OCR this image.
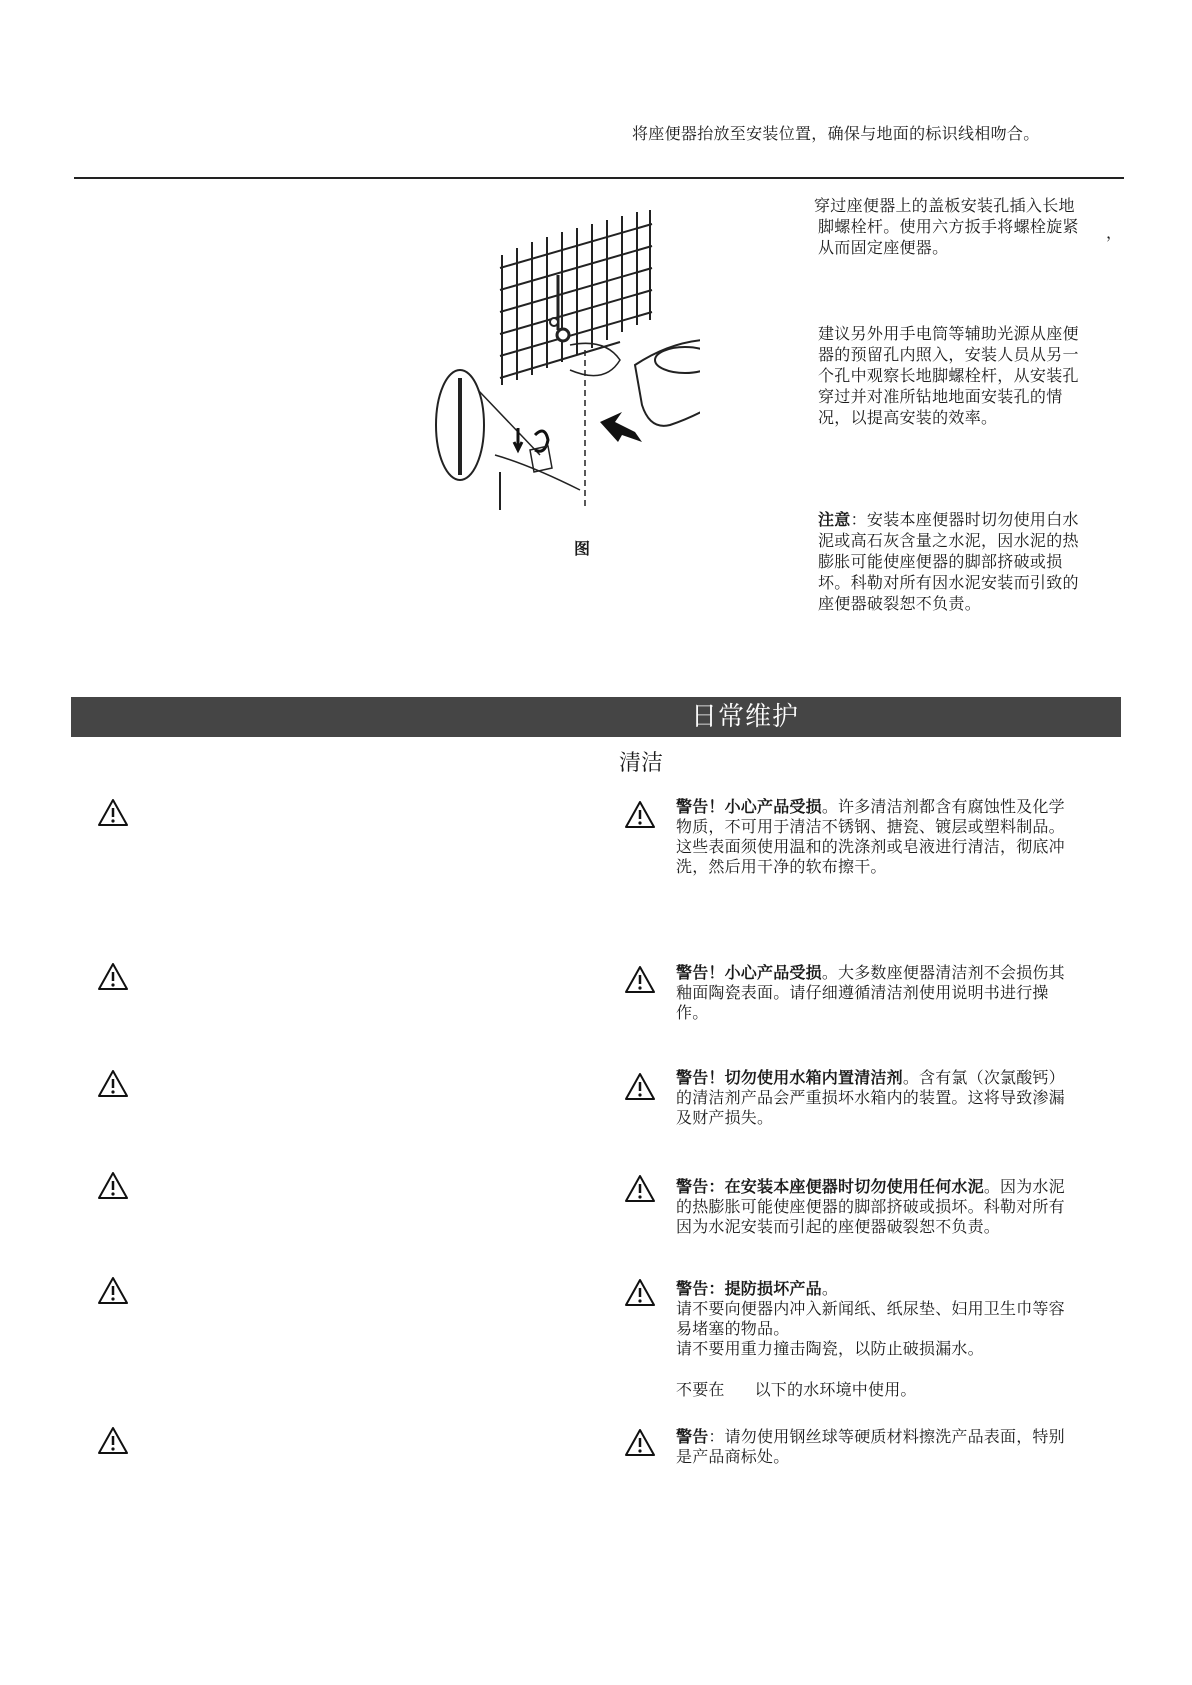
将座便器抬放至安装位置，确保与地面的标识线相吻合。
图
穿过座便器上的盖板安装孔插入长地
脚螺栓杆。使用六方扳手将螺栓旋紧
从而固定座便器。
，
建议另外用手电筒等辅助光源从座便
器的预留孔内照入，安装人员从另一
个孔中观察长地脚螺栓杆，从安装孔
穿过并对准所钻地地面安装孔的情
况，以提高安装的效率。
注意：安装本座便器时切勿使用白水
泥或高石灰含量之水泥，因水泥的热
膨胀可能使座便器的脚部挤破或损
坏。科勒对所有因水泥安装而引致的
座便器破裂恕不负责。
日常维护
清洁
警告！小心产品受损。许多清洁剂都含有腐蚀性及化学
物质，不可用于清洁不锈钢、搪瓷、镀层或塑料制品。
这些表面须使用温和的洗涤剂或皂液进行清洁，彻底冲
洗，然后用干净的软布擦干。
警告！小心产品受损。大多数座便器清洁剂不会损伤其
釉面陶瓷表面。请仔细遵循清洁剂使用说明书进行操
作。
警告！切勿使用水箱内置清洁剂。含有氯（次氯酸钙）
的清洁剂产品会严重损坏水箱内的装置。这将导致渗漏
及财产损失。
警告：在安装本座便器时切勿使用任何水泥。因为水泥
的热膨胀可能使座便器的脚部挤破或损坏。科勒对所有
因为水泥安装而引起的座便器破裂恕不负责。
警告：提防损坏产品。
请不要向便器内冲入新闻纸、纸尿垫、妇用卫生巾等容
易堵塞的物品。
请不要用重力撞击陶瓷，以防止破损漏水。
不要在 以下的水环境中使用。
警告：请勿使用钢丝球等硬质材料擦洗产品表面，特别
是产品商标处。
